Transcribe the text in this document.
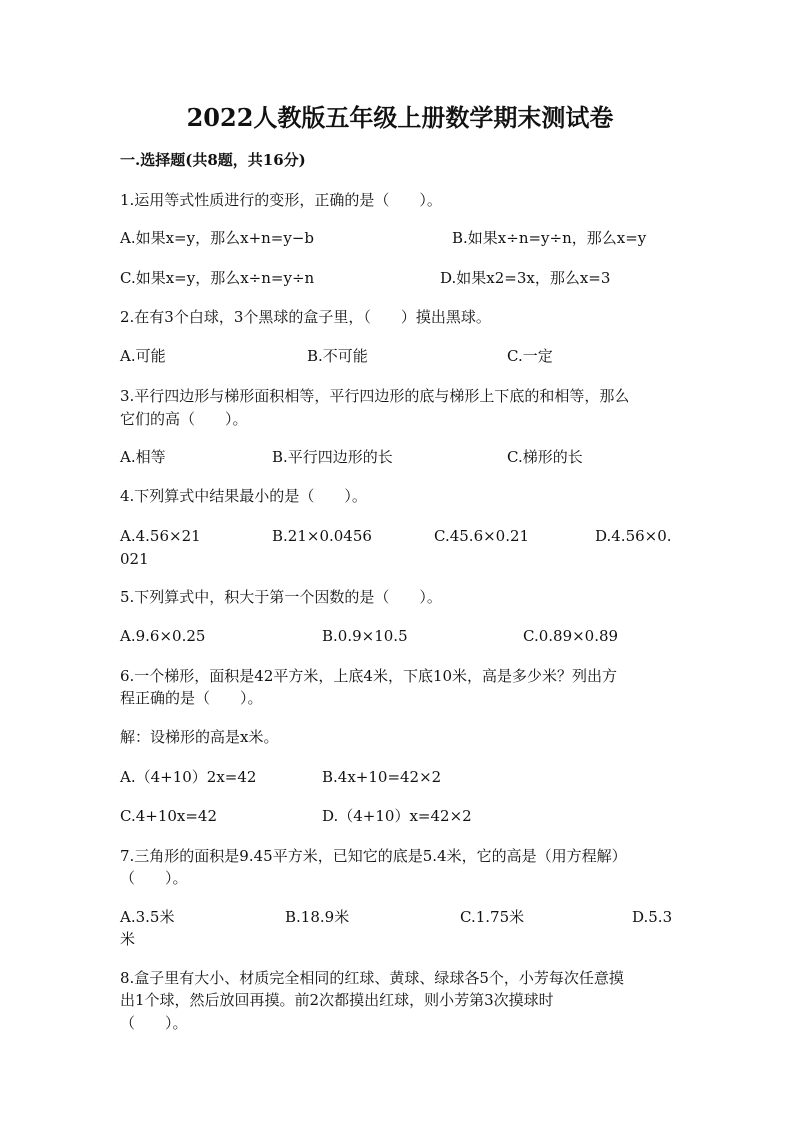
2022人教版五年级上册数学期末测试卷
一.选择题(共8题，共16分)
1.运用等式性质进行的变形，正确的是（　　）。
A.如果x=y，那么x+n=y−b	B.如果x÷n=y÷n，那么x=y
C.如果x=y，那么x÷n=y÷n	D.如果x2=3x，那么x=3
2.在有3个白球，3个黑球的盒子里，（　　）摸出黑球。
A.可能	B.不可能	C.一定
3.平行四边形与梯形面积相等，平行四边形的底与梯形上下底的和相等，那么
它们的高（　　）。
A.相等	B.平行四边形的长	C.梯形的长
4.下列算式中结果最小的是（　　）。
A.4.56×21	B.21×0.0456	C.45.6×0.21	D.4.56×0.
021
5.下列算式中，积大于第一个因数的是（　　）。
A.9.6×0.25	B.0.9×10.5	C.0.89×0.89
6.一个梯形，面积是42平方米，上底4米，下底10米，高是多少米？列出方
程正确的是（　　）。
解：设梯形的高是x米。
A.（4+10）2x=42	B.4x+10=42×2
C.4+10x=42	D.（4+10）x=42×2
7.三角形的面积是9.45平方米，已知它的底是5.4米，它的高是（用方程解）
（　　）。
A.3.5米	B.18.9米	C.1.75米	D.5.3
米
8.盒子里有大小、材质完全相同的红球、黄球、绿球各5个，小芳每次任意摸
出1个球，然后放回再摸。前2次都摸出红球，则小芳第3次摸球时
（　　）。
